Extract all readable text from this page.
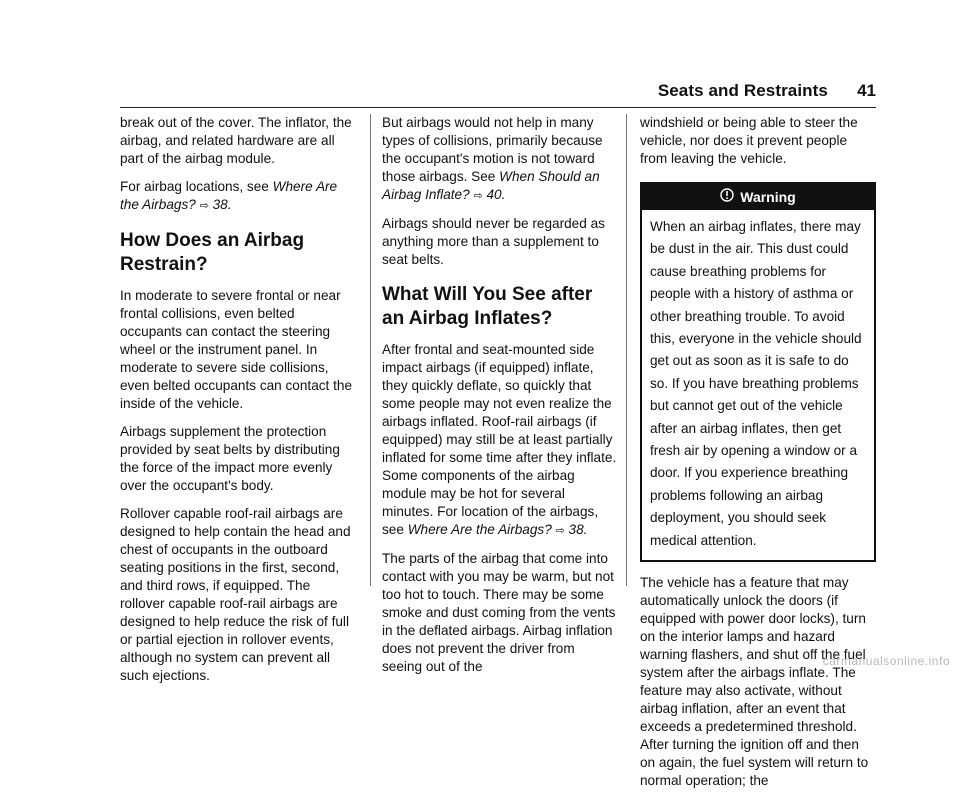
Seats and Restraints 41

break out of the cover. The inflator, the airbag, and related hardware are all part of the airbag module.

For airbag locations, see Where Are the Airbags? ⇨ 38.

How Does an Airbag Restrain?

In moderate to severe frontal or near frontal collisions, even belted occupants can contact the steering wheel or the instrument panel. In moderate to severe side collisions, even belted occupants can contact the inside of the vehicle.

Airbags supplement the protection provided by seat belts by distributing the force of the impact more evenly over the occupant's body.

Rollover capable roof-rail airbags are designed to help contain the head and chest of occupants in the outboard seating positions in the first, second, and third rows, if equipped. The rollover capable roof-rail airbags are designed to help reduce the risk of full or partial ejection in rollover events, although no system can prevent all such ejections.

But airbags would not help in many types of collisions, primarily because the occupant's motion is not toward those airbags. See When Should an Airbag Inflate? ⇨ 40.

Airbags should never be regarded as anything more than a supplement to seat belts.

What Will You See after an Airbag Inflates?

After frontal and seat-mounted side impact airbags (if equipped) inflate, they quickly deflate, so quickly that some people may not even realize the airbags inflated. Roof-rail airbags (if equipped) may still be at least partially inflated for some time after they inflate. Some components of the airbag module may be hot for several minutes. For location of the airbags, see Where Are the Airbags? ⇨ 38.

The parts of the airbag that come into contact with you may be warm, but not too hot to touch. There may be some smoke and dust coming from the vents in the deflated airbags. Airbag inflation does not prevent the driver from seeing out of the

windshield or being able to steer the vehicle, nor does it prevent people from leaving the vehicle.

Warning
When an airbag inflates, there may be dust in the air. This dust could cause breathing problems for people with a history of asthma or other breathing trouble. To avoid this, everyone in the vehicle should get out as soon as it is safe to do so. If you have breathing problems but cannot get out of the vehicle after an airbag inflates, then get fresh air by opening a window or a door. If you experience breathing problems following an airbag deployment, you should seek medical attention.

The vehicle has a feature that may automatically unlock the doors (if equipped with power door locks), turn on the interior lamps and hazard warning flashers, and shut off the fuel system after the airbags inflate. The feature may also activate, without airbag inflation, after an event that exceeds a predetermined threshold. After turning the ignition off and then on again, the fuel system will return to normal operation; the

carmanualsonline.info
